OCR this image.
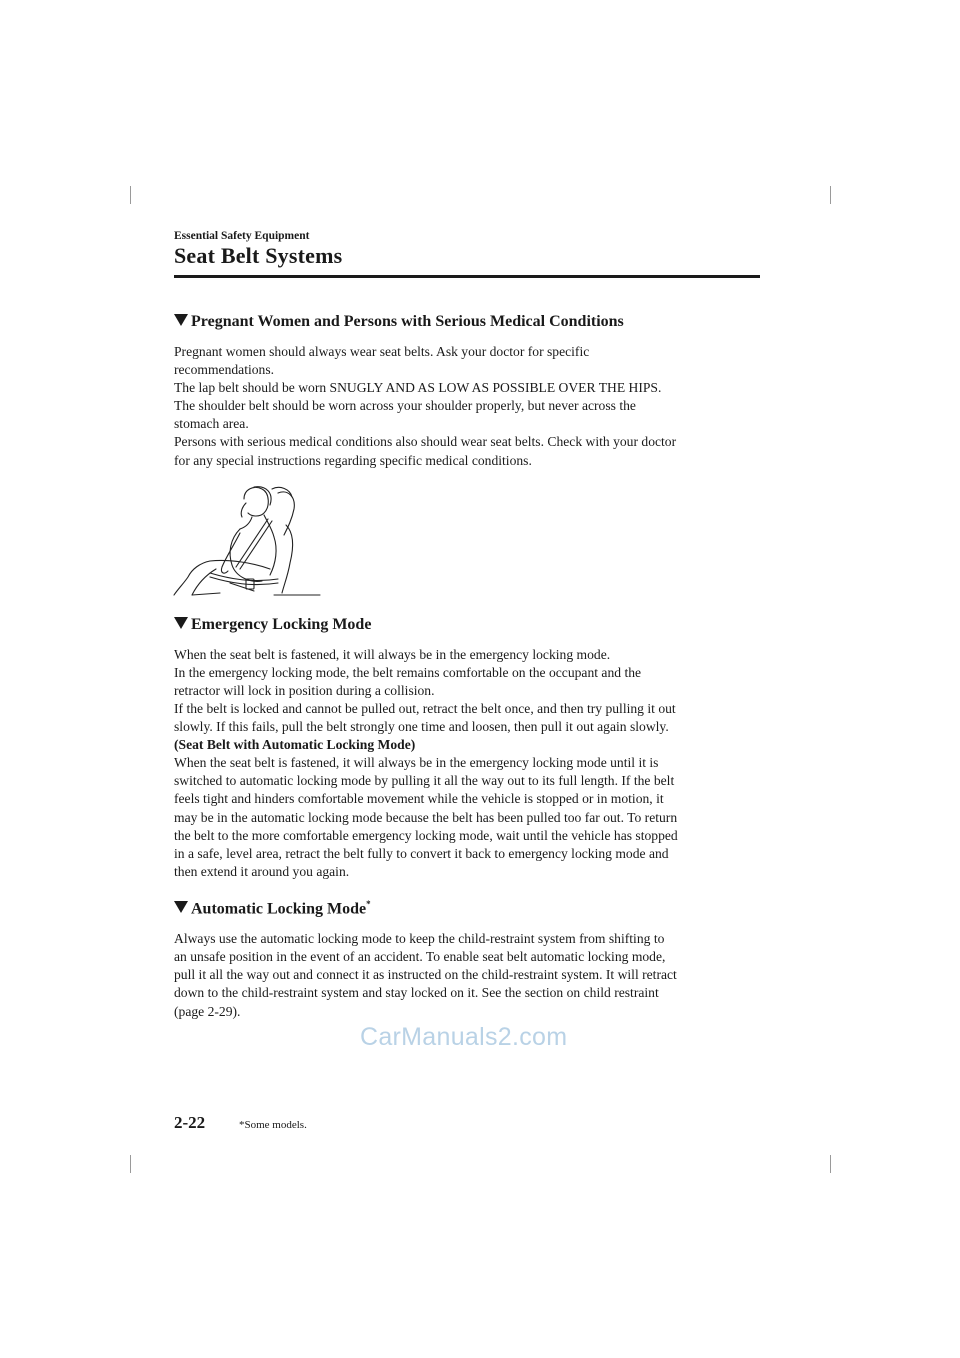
Essential Safety Equipment
Seat Belt Systems
Pregnant Women and Persons with Serious Medical Conditions

Pregnant women should always wear seat belts. Ask your doctor for specific

recommendations.

The lap belt should be worn SNUGLY AND AS LOW AS POSSIBLE OVER THE HIPS.

The shoulder belt should be worn across your shoulder properly, but never across the

stomach area.

Persons with serious medical conditions also should wear seat belts. Check with your doctor

for any special instructions regarding specific medical conditions.

Emergency Locking Mode

When the seat belt is fastened, it will always be in the emergency locking mode.

In the emergency locking mode, the belt remains comfortable on the occupant and the

retractor will lock in position during a collision.

If the belt is locked and cannot be pulled out, retract the belt once, and then try pulling it out

slowly. If this fails, pull the belt strongly one time and loosen, then pull it out again slowly.

(Seat Belt with Automatic Locking Mode)

When the seat belt is fastened, it will always be in the emergency locking mode until it is

switched to automatic locking mode by pulling it all the way out to its full length. If the belt

feels tight and hinders comfortable movement while the vehicle is stopped or in motion, it

may be in the automatic locking mode because the belt has been pulled too far out. To return

the belt to the more comfortable emergency locking mode, wait until the vehicle has stopped

in a safe, level area, retract the belt fully to convert it back to emergency locking mode and

then extend it around you again.

Automatic Locking Mode*

Always use the automatic locking mode to keep the child-restraint system from shifting to

an unsafe position in the event of an accident. To enable seat belt automatic locking mode,

pull it all the way out and connect it as instructed on the child-restraint system. It will retract

down to the child-restraint system and stay locked on it. See the section on child restraint

(page 2-29).

CarManuals2.com
2-22	*Some models.
